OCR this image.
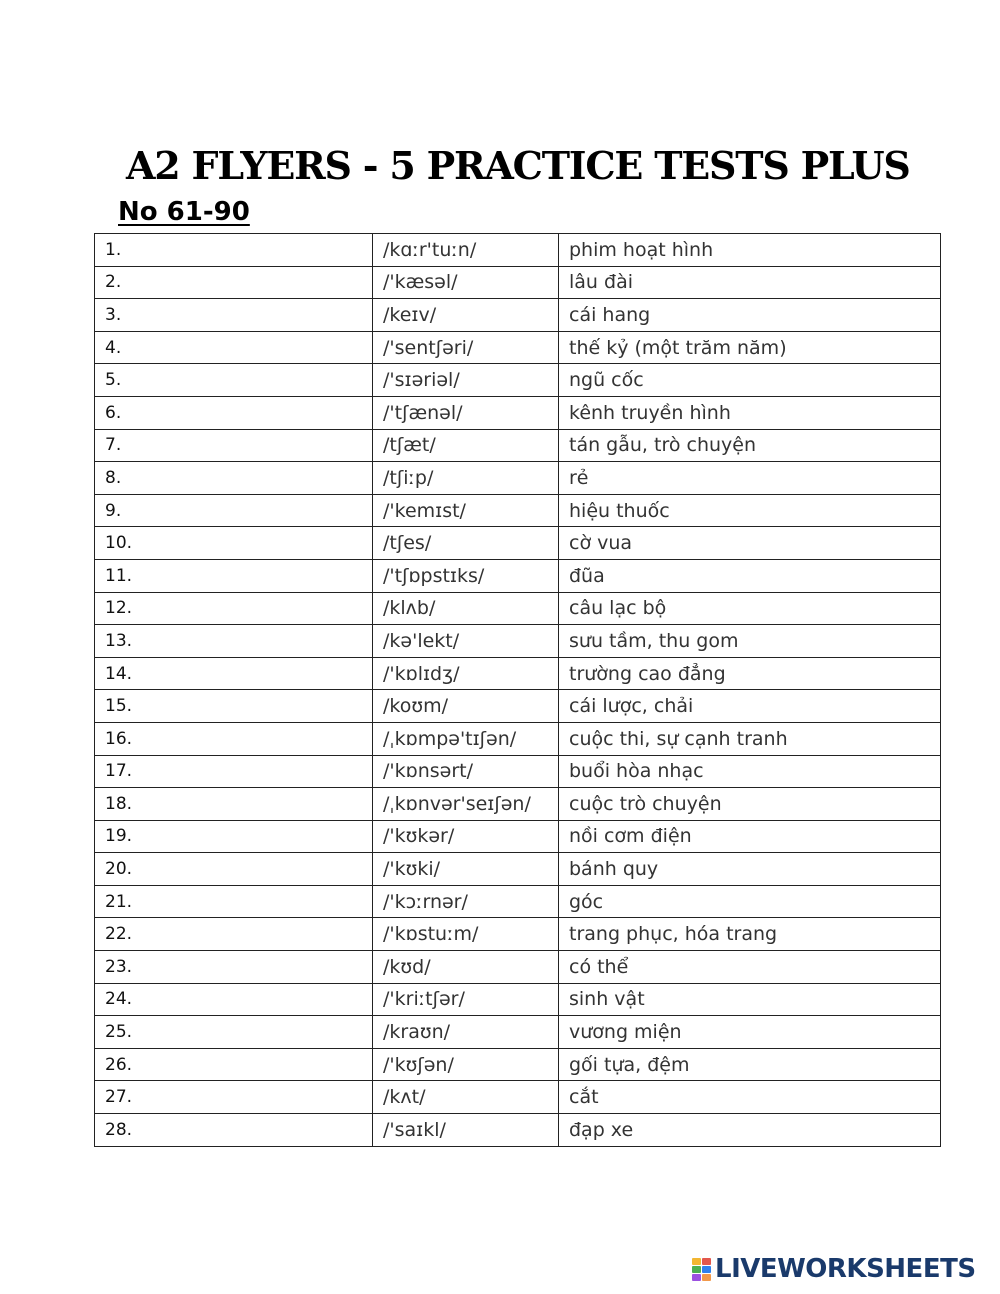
A2 FLYERS - 5 PRACTICE TESTS PLUS
No 61-90
1.	/kɑːr'tuːn/	phim hoạt hình
2.	/'kæsəl/	lâu đài
3.	/keɪv/	cái hang
4.	/'sentʃəri/	thế kỷ (một trăm năm)
5.	/'sɪəriəl/	ngũ cốc
6.	/'tʃænəl/	kênh truyền hình
7.	/tʃæt/	tán gẫu, trò chuyện
8.	/tʃiːp/	rẻ
9.	/'kemɪst/	hiệu thuốc
10.	/tʃes/	cờ vua
11.	/'tʃɒpstɪks/	đũa
12.	/klʌb/	câu lạc bộ
13.	/kə'lekt/	sưu tầm, thu gom
14.	/'kɒlɪdʒ/	trường cao đẳng
15.	/koʊm/	cái lược, chải
16.	/ˌkɒmpə'tɪʃən/	cuộc thi, sự cạnh tranh
17.	/'kɒnsərt/	buổi hòa nhạc
18.	/ˌkɒnvər'seɪʃən/	cuộc trò chuyện
19.	/'kʊkər/	nồi cơm điện
20.	/'kʊki/	bánh quy
21.	/'kɔːrnər/	góc
22.	/'kɒstuːm/	trang phục, hóa trang
23.	/kʊd/	có thể
24.	/'kriːtʃər/	sinh vật
25.	/kraʊn/	vương miện
26.	/'kʊʃən/	gối tựa, đệm
27.	/kʌt/	cắt
28.	/'saɪkl/	đạp xe
LIVEWORKSHEETS
